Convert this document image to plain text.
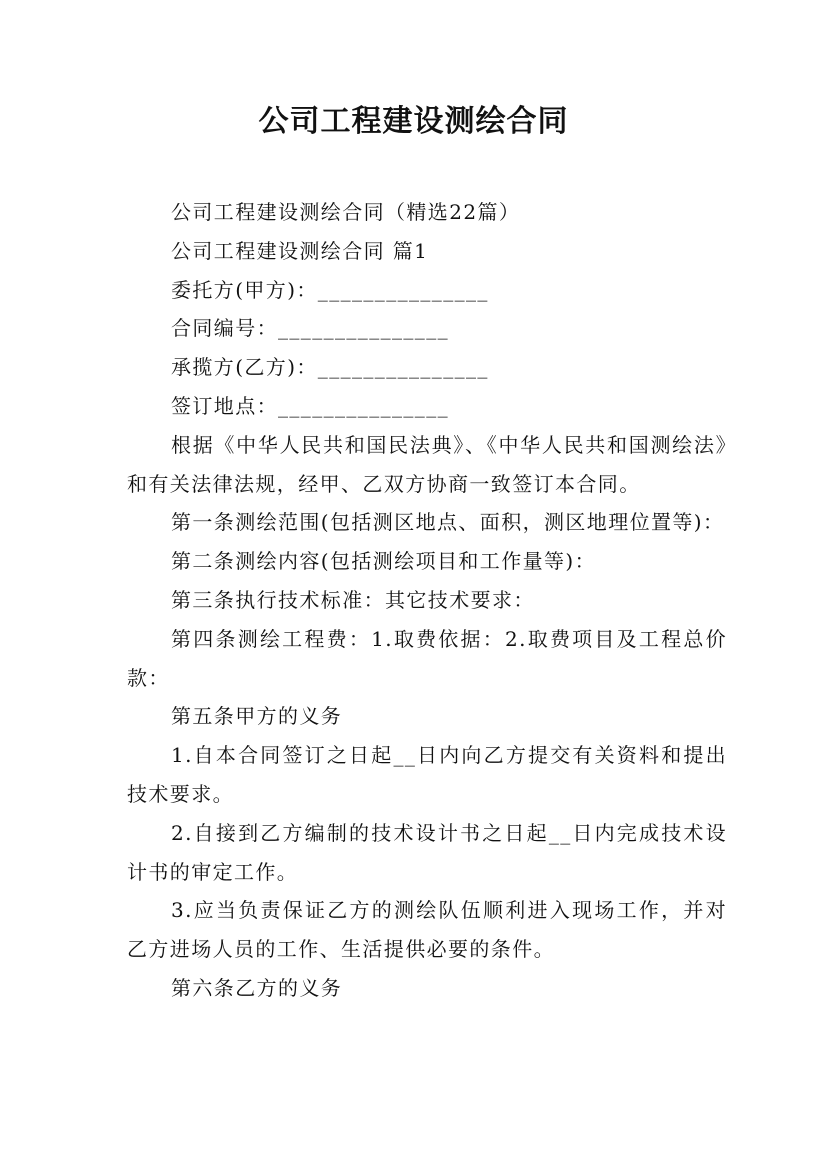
公司工程建设测绘合同

公司工程建设测绘合同（精选22篇）

公司工程建设测绘合同 篇1

委托方(甲方)：_______________

合同编号：_______________

承揽方(乙方)：_______________

签订地点：_______________

根据《中华人民共和国民法典》、《中华人民共和国测绘法》和有关法律法规，经甲、乙双方协商一致签订本合同。

第一条测绘范围(包括测区地点、面积，测区地理位置等)：

第二条测绘内容(包括测绘项目和工作量等)：

第三条执行技术标准：其它技术要求：

第四条测绘工程费：1.取费依据：2.取费项目及工程总价款：

第五条甲方的义务

1.自本合同签订之日起__日内向乙方提交有关资料和提出技术要求。

2.自接到乙方编制的技术设计书之日起__日内完成技术设计书的审定工作。

3.应当负责保证乙方的测绘队伍顺利进入现场工作，并对乙方进场人员的工作、生活提供必要的条件。

第六条乙方的义务
